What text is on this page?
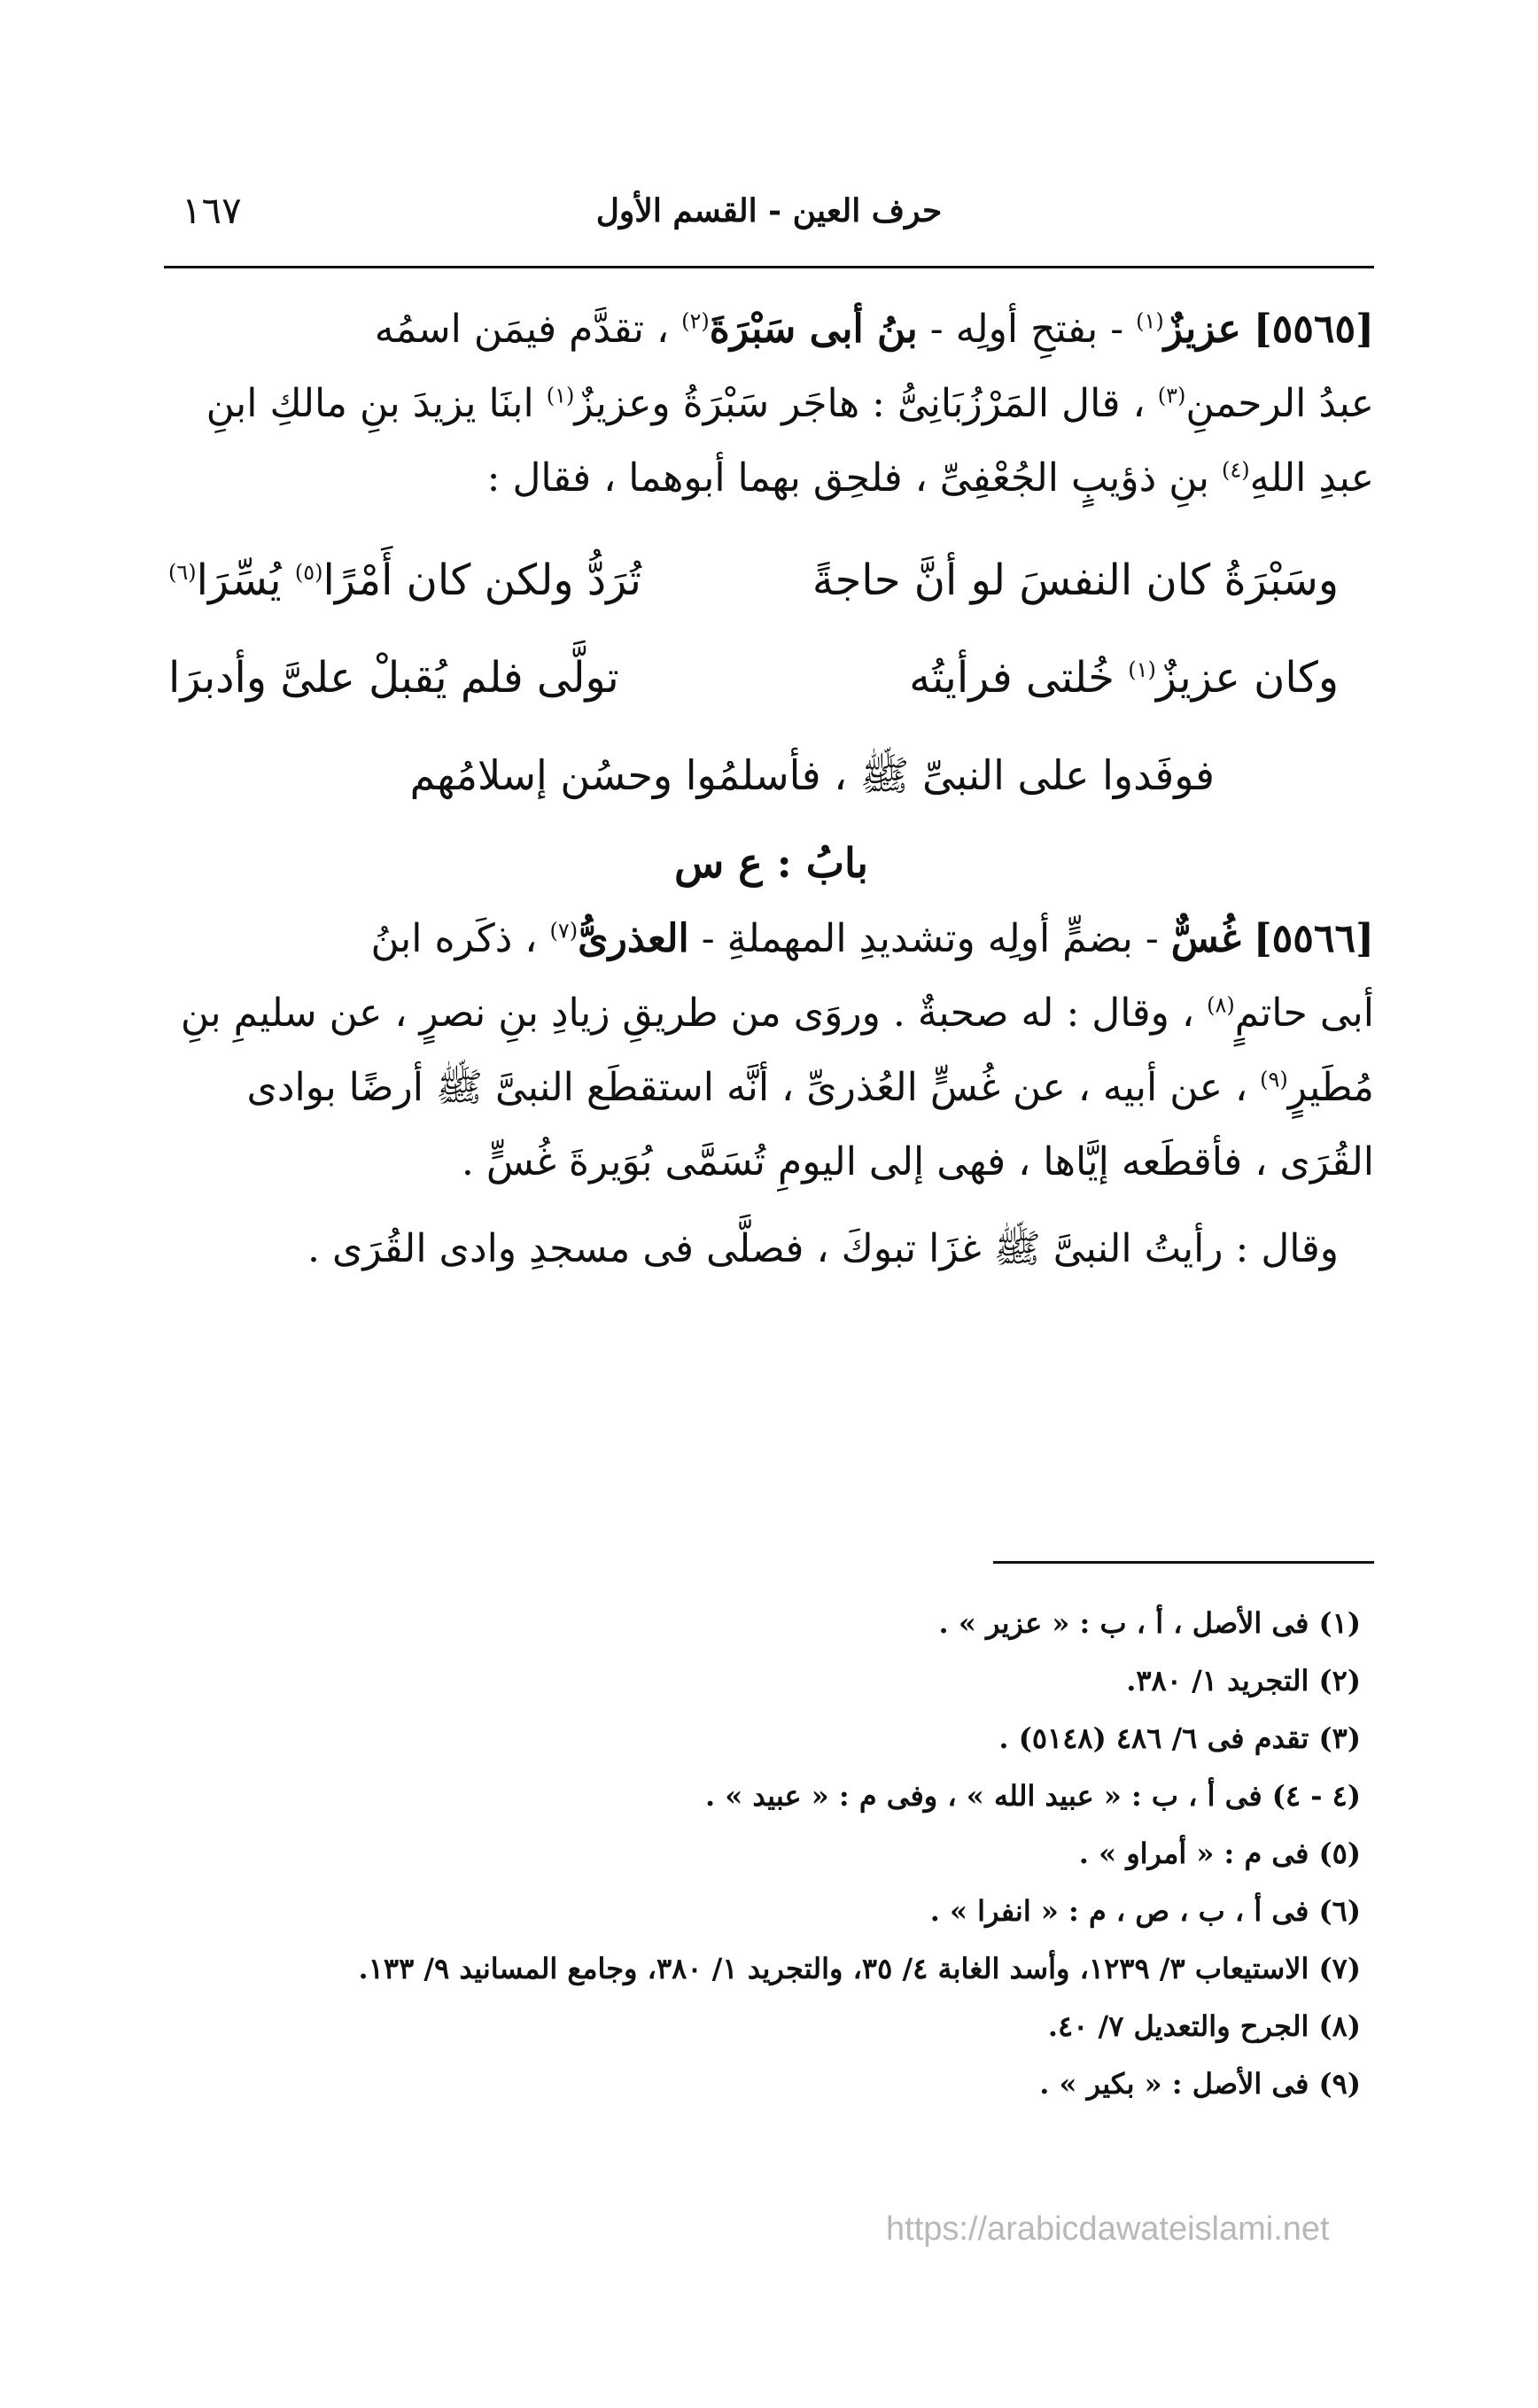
حرف العين - القسم الأول
١٦٧

[٥٥٦٥] عزيزٌ$^{(١)}$ - بفتحِ أولِه - بنُ أبى سَبْرَةَ$^{(٢)}$ ، تقدَّم فيمَن اسمُه

عبدُ الرحمنِ$^{(٣)}$ ، قال المَرْزُبَانِىُّ : هاجَر سَبْرَةُ وعزيزٌ$^{(١)}$ ابنَا يزيدَ بنِ مالكِ ابنِ

عبدِ اللهِ$^{(٤)}$ بنِ ذؤيبٍ الجُعْفِىِّ ، فلحِق بهما أبوهما ، فقال :

وسَبْرَةُ كان النفسَ لو أنَّ حاجةً
تُرَدُّ ولكن كان أَمْرًا$^{(٥)}$ يُسِّرَا$^{(٦)}$
وكان عزيزٌ$^{(١)}$ خُلتى فرأيتُه
تولَّى فلم يُقبلْ علىَّ وأدبرَا
فوفَدوا على النبىِّ ﷺ ، فأسلمُوا وحسُن إسلامُهم
بابُ : ع س

[٥٥٦٦] غُسٌّ - بضمٍّ أولِه وتشديدِ المهملةِ - العذرىُّ$^{(٧)}$ ، ذكَره ابنُ

أبى حاتمٍ$^{(٨)}$ ، وقال : له صحبةٌ . وروَى من طريقِ زيادِ بنِ نصرٍ ، عن سليمِ بنِ

مُطَيرٍ$^{(٩)}$ ، عن أبيه ، عن غُسٍّ العُذرىِّ ، أنَّه استقطَع النبىَّ ﷺ أرضًا بوادى

القُرَى ، فأقطَعه إيَّاها ، فهى إلى اليومِ تُسَمَّى بُوَيرةَ غُسٍّ .

وقال : رأيتُ النبىَّ ﷺ غزَا تبوكَ ، فصلَّى فى مسجدِ وادى القُرَى .

(١) فى الأصل ، أ ، ب : « عزير » .
(٢) التجريد ١/ ٣٨٠.
(٣) تقدم فى ٦/ ٤٨٦ (٥١٤٨) .
(٤ - ٤) فى أ ، ب : « عبيد الله » ، وفى م : « عبيد » .
(٥) فى م : « أمراو » .
(٦) فى أ ، ب ، ص ، م : « انفرا » .
(٧) الاستيعاب ٣/ ١٢٣٩، وأسد الغابة ٤/ ٣٥، والتجريد ١/ ٣٨٠، وجامع المسانيد ٩/ ١٣٣.
(٨) الجرح والتعديل ٧/ ٤٠.
(٩) فى الأصل : « بكير » .
https://arabicdawateislami.net
